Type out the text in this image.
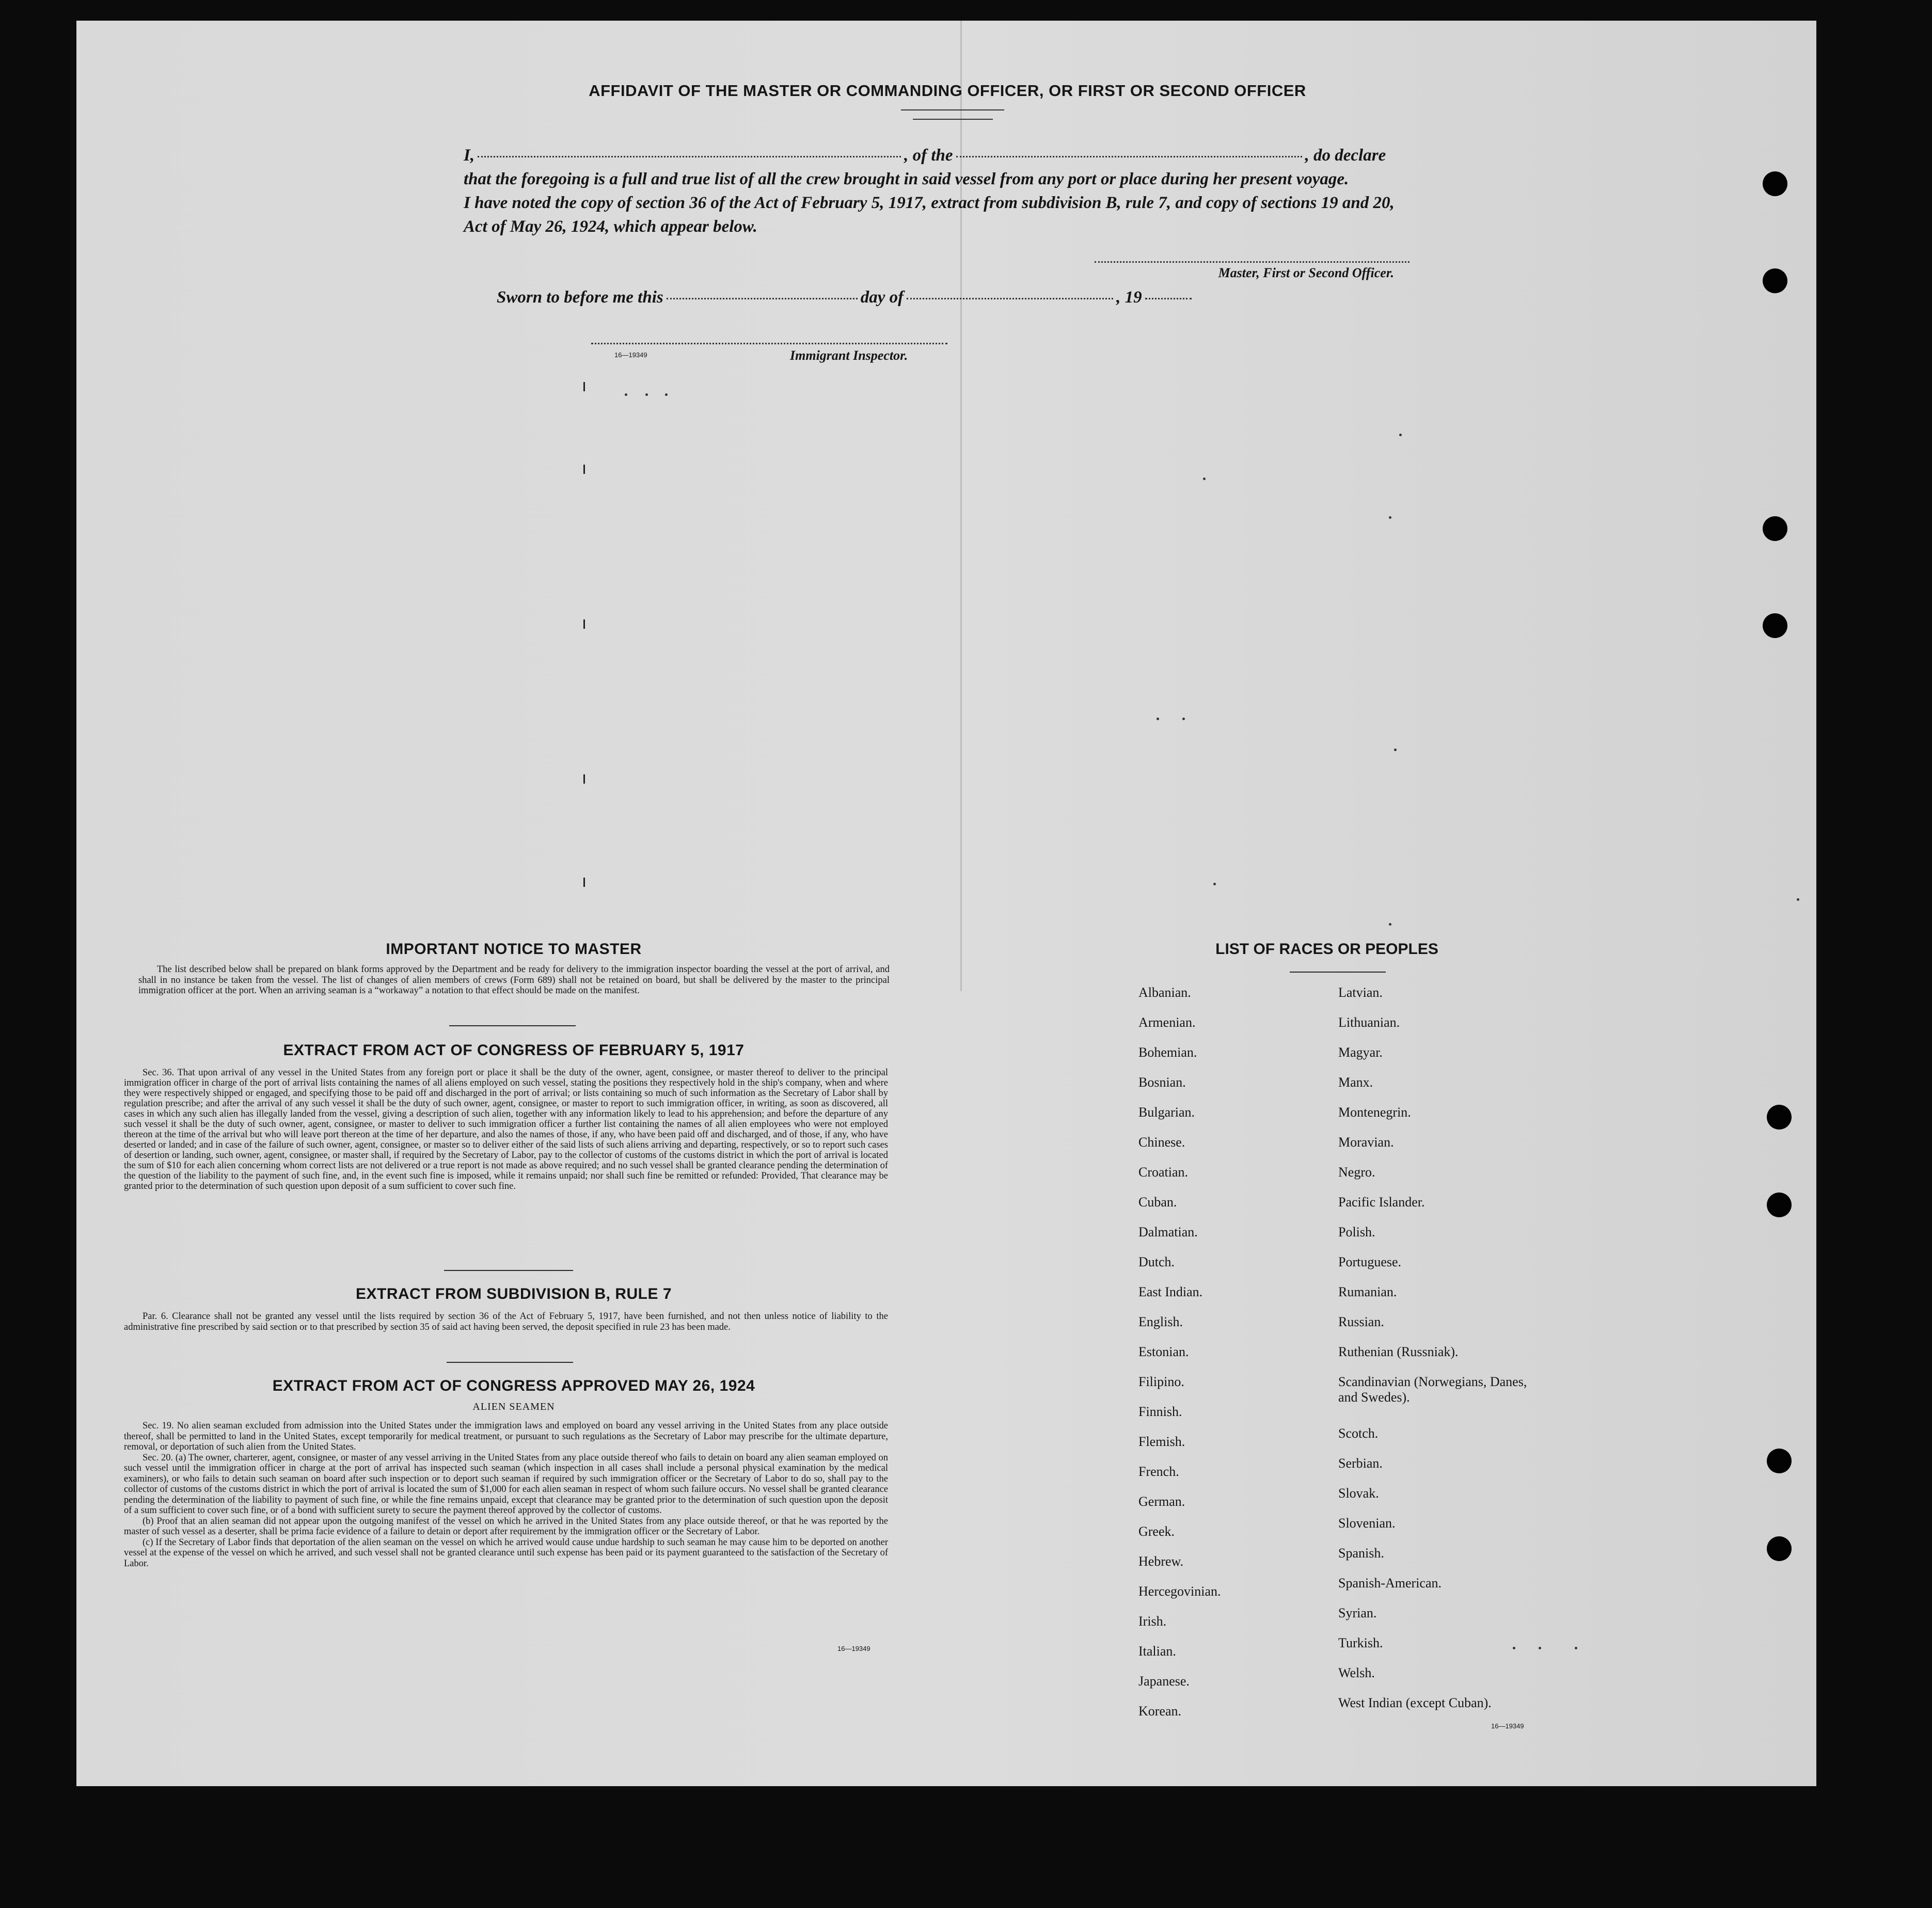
AFFIDAVIT OF THE MASTER OR COMMANDING OFFICER, OR FIRST OR SECOND OFFICER
I,	, of the	, do declare
that the foregoing is a full and true list of all the crew brought in said vessel from any port or place during her present voyage.
I have noted the copy of section 36 of the Act of February 5, 1917, extract from subdivision B, rule 7, and copy of sections 19 and 20,
Act of May 26, 1924, which appear below.
Master, First or Second Officer.
Sworn to before me this	day of	, 19
16—19349	Immigrant Inspector.
IMPORTANT NOTICE TO MASTER
The list described below shall be prepared on blank forms approved by the Department and be ready for delivery to the immigration inspector boarding the vessel at the port of arrival, and shall in no instance be taken from the vessel. The list of changes of alien members of crews (Form 689) shall not be retained on board, but shall be delivered by the master to the principal immigration officer at the port. When an arriving seaman is a “workaway” a notation to that effect should be made on the manifest.
EXTRACT FROM ACT OF CONGRESS OF FEBRUARY 5, 1917
Sec. 36. That upon arrival of any vessel in the United States from any foreign port or place it shall be the duty of the owner, agent, consignee, or master thereof to deliver to the principal immigration officer in charge of the port of arrival lists containing the names of all aliens employed on such vessel, stating the positions they respectively hold in the ship's company, when and where they were respectively shipped or engaged, and specifying those to be paid off and discharged in the port of arrival; or lists containing so much of such information as the Secretary of Labor shall by regulation prescribe; and after the arrival of any such vessel it shall be the duty of such owner, agent, consignee, or master to report to such immigration officer, in writing, as soon as discovered, all cases in which any such alien has illegally landed from the vessel, giving a description of such alien, together with any information likely to lead to his apprehension; and before the departure of any such vessel it shall be the duty of such owner, agent, consignee, or master to deliver to such immigration officer a further list containing the names of all alien employees who were not employed thereon at the time of the arrival but who will leave port thereon at the time of her departure, and also the names of those, if any, who have been paid off and discharged, and of those, if any, who have deserted or landed; and in case of the failure of such owner, agent, consignee, or master so to deliver either of the said lists of such aliens arriving and departing, respectively, or so to report such cases of desertion or landing, such owner, agent, consignee, or master shall, if required by the Secretary of Labor, pay to the collector of customs of the customs district in which the port of arrival is located the sum of $10 for each alien concerning whom correct lists are not delivered or a true report is not made as above required; and no such vessel shall be granted clearance pending the determination of the question of the liability to the payment of such fine, and, in the event such fine is imposed, while it remains unpaid; nor shall such fine be remitted or refunded: Provided, That clearance may be granted prior to the determination of such question upon deposit of a sum sufficient to cover such fine.
EXTRACT FROM SUBDIVISION B, RULE 7
Par. 6. Clearance shall not be granted any vessel until the lists required by section 36 of the Act of February 5, 1917, have been furnished, and not then unless notice of liability to the administrative fine prescribed by said section or to that prescribed by section 35 of said act having been served, the deposit specified in rule 23 has been made.
EXTRACT FROM ACT OF CONGRESS APPROVED MAY 26, 1924
ALIEN SEAMEN
Sec. 19. No alien seaman excluded from admission into the United States under the immigration laws and employed on board any vessel arriving in the United States from any place outside thereof, shall be permitted to land in the United States, except temporarily for medical treatment, or pursuant to such regulations as the Secretary of Labor may prescribe for the ultimate departure, removal, or deportation of such alien from the United States.
Sec. 20. (a) The owner, charterer, agent, consignee, or master of any vessel arriving in the United States from any place outside thereof who fails to detain on board any alien seaman employed on such vessel until the immigration officer in charge at the port of arrival has inspected such seaman (which inspection in all cases shall include a personal physical examination by the medical examiners), or who fails to detain such seaman on board after such inspection or to deport such seaman if required by such immigration officer or the Secretary of Labor to do so, shall pay to the collector of customs of the customs district in which the port of arrival is located the sum of $1,000 for each alien seaman in respect of whom such failure occurs. No vessel shall be granted clearance pending the determination of the liability to payment of such fine, or while the fine remains unpaid, except that clearance may be granted prior to the determination of such question upon the deposit of a sum sufficient to cover such fine, or of a bond with sufficient surety to secure the payment thereof approved by the collector of customs.
(b) Proof that an alien seaman did not appear upon the outgoing manifest of the vessel on which he arrived in the United States from any place outside thereof, or that he was reported by the master of such vessel as a deserter, shall be prima facie evidence of a failure to detain or deport after requirement by the immigration officer or the Secretary of Labor.
(c) If the Secretary of Labor finds that deportation of the alien seaman on the vessel on which he arrived would cause undue hardship to such seaman he may cause him to be deported on another vessel at the expense of the vessel on which he arrived, and such vessel shall not be granted clearance until such expense has been paid or its payment guaranteed to the satisfaction of the Secretary of Labor.
16—19349
LIST OF RACES OR PEOPLES
Albanian.
Armenian.
Bohemian.
Bosnian.
Bulgarian.
Chinese.
Croatian.
Cuban.
Dalmatian.
Dutch.
East Indian.
English.
Estonian.
Filipino.
Finnish.
Flemish.
French.
German.
Greek.
Hebrew.
Hercegovinian.
Irish.
Italian.
Japanese.
Korean.
Latvian.
Lithuanian.
Magyar.
Manx.
Montenegrin.
Moravian.
Negro.
Pacific Islander.
Polish.
Portuguese.
Rumanian.
Russian.
Ruthenian (Russniak).
Scandinavian (Norwegians, Danes, and Swedes).
Scotch.
Serbian.
Slovak.
Slovenian.
Spanish.
Spanish-American.
Syrian.
Turkish.
Welsh.
West Indian (except Cuban).
16—19349
